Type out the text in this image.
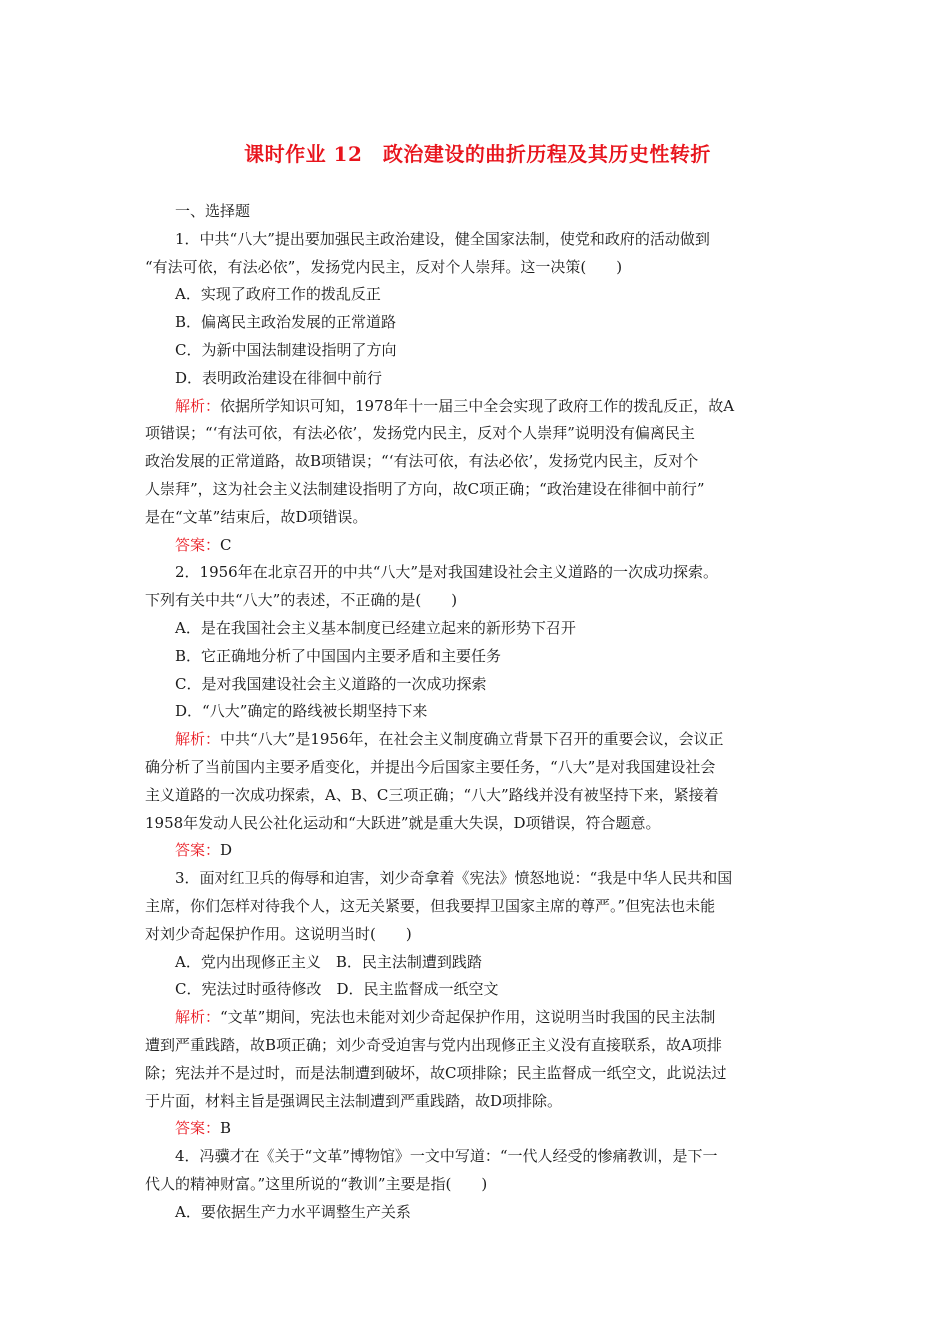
课时作业 12　政治建设的曲折历程及其历史性转折
一、选择题
1．中共“八大”提出要加强民主政治建设，健全国家法制，使党和政府的活动做到
“有法可依，有法必依”，发扬党内民主，反对个人崇拜。这一决策(　　)
A．实现了政府工作的拨乱反正
B．偏离民主政治发展的正常道路
C．为新中国法制建设指明了方向
D．表明政治建设在徘徊中前行
解析：依据所学知识可知，1978年十一届三中全会实现了政府工作的拨乱反正，故A
项错误；“‘有法可依，有法必依’，发扬党内民主，反对个人崇拜”说明没有偏离民主
政治发展的正常道路，故B项错误；“‘有法可依，有法必依’，发扬党内民主，反对个
人崇拜”，这为社会主义法制建设指明了方向，故C项正确；“政治建设在徘徊中前行”
是在“文革”结束后，故D项错误。
答案：C
2．1956年在北京召开的中共“八大”是对我国建设社会主义道路的一次成功探索。
下列有关中共“八大”的表述，不正确的是(　　)
A．是在我国社会主义基本制度已经建立起来的新形势下召开
B．它正确地分析了中国国内主要矛盾和主要任务
C．是对我国建设社会主义道路的一次成功探索
D．“八大”确定的路线被长期坚持下来
解析：中共“八大”是1956年，在社会主义制度确立背景下召开的重要会议，会议正
确分析了当前国内主要矛盾变化，并提出今后国家主要任务，“八大”是对我国建设社会
主义道路的一次成功探索，A、B、C三项正确；“八大”路线并没有被坚持下来，紧接着
1958年发动人民公社化运动和“大跃进”就是重大失误，D项错误，符合题意。
答案：D
3．面对红卫兵的侮辱和迫害，刘少奇拿着《宪法》愤怒地说：“我是中华人民共和国
主席，你们怎样对待我个人，这无关紧要，但我要捍卫国家主席的尊严。”但宪法也未能
对刘少奇起保护作用。这说明当时(　　)
A．党内出现修正主义　B．民主法制遭到践踏
C．宪法过时亟待修改　D．民主监督成一纸空文
解析：“文革”期间，宪法也未能对刘少奇起保护作用，这说明当时我国的民主法制
遭到严重践踏，故B项正确；刘少奇受迫害与党内出现修正主义没有直接联系，故A项排
除；宪法并不是过时，而是法制遭到破坏，故C项排除；民主监督成一纸空文，此说法过
于片面，材料主旨是强调民主法制遭到严重践踏，故D项排除。
答案：B
4．冯骥才在《关于“文革”博物馆》一文中写道：“一代人经受的惨痛教训，是下一
代人的精神财富。”这里所说的“教训”主要是指(　　)
A．要依据生产力水平调整生产关系
